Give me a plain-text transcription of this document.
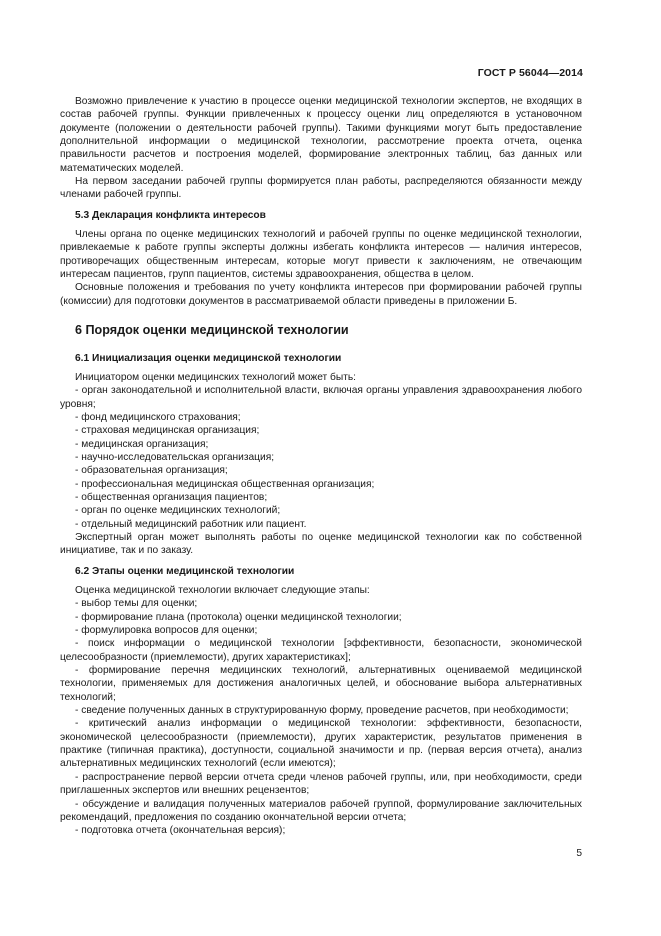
ГОСТ Р 56044—2014

Возможно привлечение к участию в процессе оценки медицинской технологии экспертов, не входящих в состав рабочей группы. Функции привлеченных к процессу оценки лиц определяются в установочном документе (положении о деятельности рабочей группы). Такими функциями могут быть предоставление дополнительной информации о медицинской технологии, рассмотрение проекта отчета, оценка правильности расчетов и построения моделей, формирование электронных таблиц, баз данных или математических моделей.

На первом заседании рабочей группы формируется план работы, распределяются обязанности между членами рабочей группы.

5.3 Декларация конфликта интересов

Члены органа по оценке медицинских технологий и рабочей группы по оценке медицинской технологии, привлекаемые к работе группы эксперты должны избегать конфликта интересов — наличия интересов, противоречащих общественным интересам, которые могут привести к заключениям, не отвечающим интересам пациентов, групп пациентов, системы здравоохранения, общества в целом.

Основные положения и требования по учету конфликта интересов при формировании рабочей группы (комиссии) для подготовки документов в рассматриваемой области приведены в приложении Б.

6 Порядок оценки медицинской технологии
6.1 Инициализация оценки медицинской технологии

Инициатором оценки медицинских технологий может быть:

- орган законодательной и исполнительной власти, включая органы управления здравоохранения любого уровня;
- фонд медицинского страхования;
- страховая медицинская организация;
- медицинская организация;
- научно-исследовательская организация;
- образовательная организация;
- профессиональная медицинская общественная организация;
- общественная организация пациентов;
- орган по оценке медицинских технологий;
- отдельный медицинский работник или пациент.

Экспертный орган может выполнять работы по оценке медицинской технологии как по собственной инициативе, так и по заказу.

6.2 Этапы оценки медицинской технологии

Оценка медицинской технологии включает следующие этапы:

- выбор темы для оценки;
- формирование плана (протокола) оценки медицинской технологии;
- формулировка вопросов для оценки;
- поиск информации о медицинской технологии [эффективности, безопасности, экономической целесообразности (приемлемости), других характеристиках];
- формирование перечня медицинских технологий, альтернативных оцениваемой медицинской технологии, применяемых для достижения аналогичных целей, и обоснование выбора альтернативных технологий;
- сведение полученных данных в структурированную форму, проведение расчетов, при необходимости;
- критический анализ информации о медицинской технологии: эффективности, безопасности, экономической целесообразности (приемлемости), других характеристик, результатов применения в практике (типичная практика), доступности, социальной значимости и пр. (первая версия отчета), анализ альтернативных медицинских технологий (если имеются);
- распространение первой версии отчета среди членов рабочей группы, или, при необходимости, среди приглашенных экспертов или внешних рецензентов;
- обсуждение и валидация полученных материалов рабочей группой, формулирование заключительных рекомендаций, предложения по созданию окончательной версии отчета;
- подготовка отчета (окончательная версия);
5
